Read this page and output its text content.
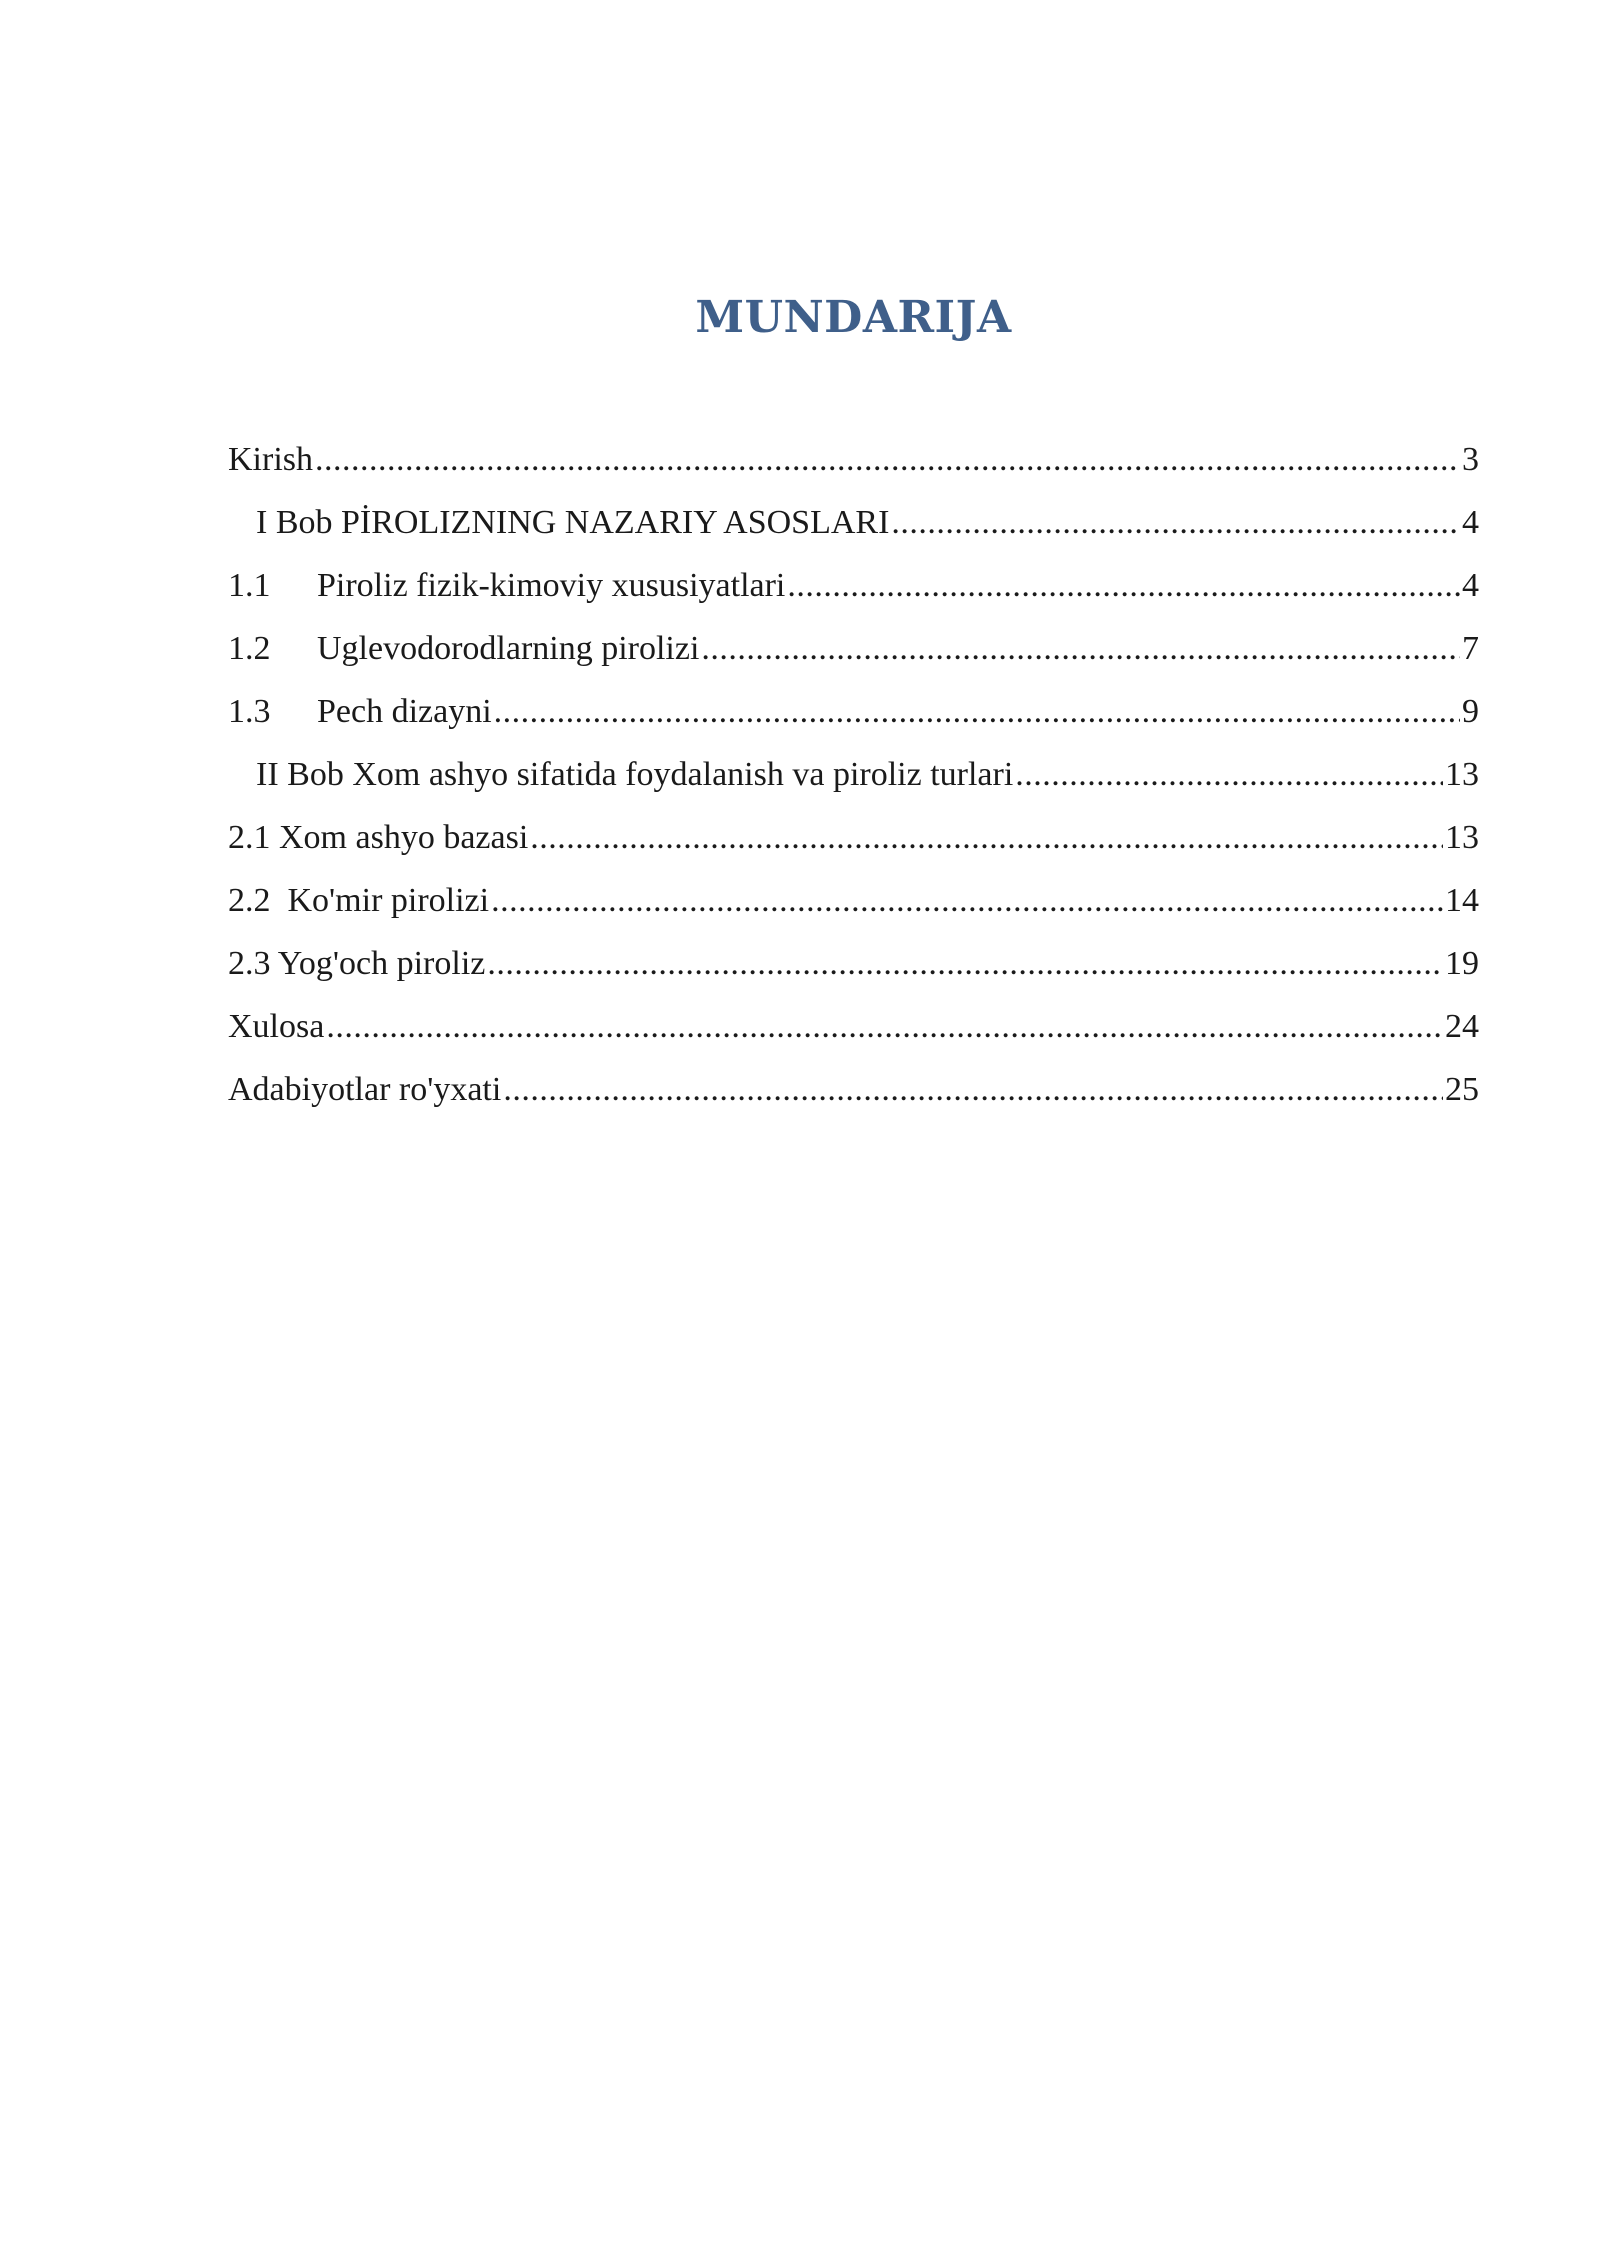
MUNDARIJA
Kirish .....	3
I Bob PİROLIZNING NAZARIY ASOSLARI .....	4
1.1	Piroliz fizik-kimoviy xususiyatlari .....	4
1.2	Uglevodorodlarning pirolizi .....	7
1.3	Pech dizayni .....	9
II Bob Xom ashyo sifatida foydalanish va piroliz turlari .....	13
2.1 Xom ashyo bazasi .....	13
2.2  Ko'mir pirolizi .....	14
2.3 Yog'och piroliz .....	19
Xulosa .....	24
Adabiyotlar ro'yxati .....	25
